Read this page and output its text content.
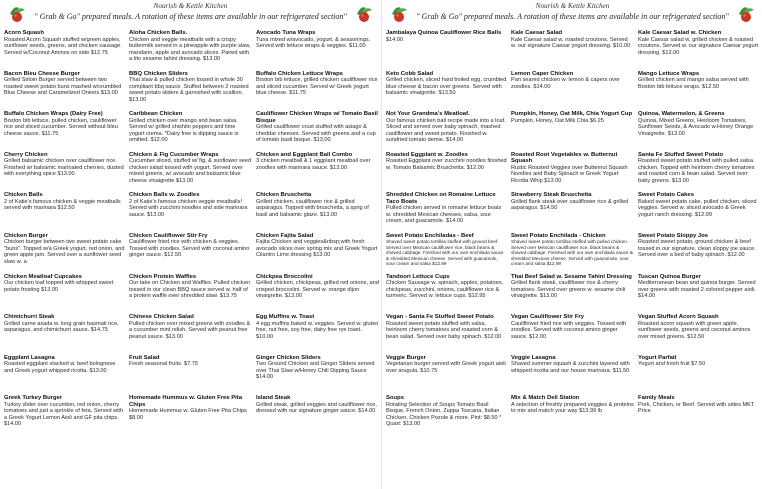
Nourish & Kettle Kitchen
" Grab & Go" prepared meals. A rotation of these items are available in our refrigerated section"
Acorn Squash
Roasted Acorn Squash stuffed w/green apples, sunflower seeds, greens, and chicken sausage. Served w/Coconut Aminos on side $12.75
Aloha Chicken Balls.
Chicken and veggie meatballs with a crispy buttermilk served in a pineapple with purple slaw, mandarin, apple and avocado slices. Paired with a tito sesame tahini dressing. $13.00
Avocado Tuna Wraps
Tuna mixed w/avocado, yogurt, & seasonings. Served with lettuce wraps & veggies. $11.00
Bacon Bleu Cheese Burger
Grilled Sirloin Burger served between two roasted sweet potato buns mashed w/crumbled Blue Cheese and Caramelized Onions $13.00
BBQ Chicken Sliders
Thai slaw & pulled chicken tossed in whole 30 compliant bbq sauce. Stuffed between 2 roasted sweet potato sliders & garnished with scallion. $13.00
Buffalo Chicken Lettuce Wraps
Boston bib lettuce, grilled chicken cauliflower rice and sliced cucumber. Served w/ Greek yogurt blue cheese. $11.75
Buffalo Chicken Wraps (Dairy Free)
Boston bib lettuce, pulled chicken, cauliflower rice and sliced cucumber. Served without bleu cheese sauce. $11.75
Caribbean Chicken
Grilled chicken over mango and bean salsa. Served w/ grilled shishito peppers and lime yogurt crema. *Dairy free is dipping sauce is omitted. $12.00
Cauliflower Chicken Wraps w/ Tomato Basil Bisque
Grilled cauliflower crust stuffed with asiago & cheddar cheeses. Served with greens and a cup of tomato basil bisque. $13.00
Cherry Chicken
Grilled balsamic chicken over cauliflower rice. Finished w/ balsamic marinated cherries, dusted with everything spice $13.00
Chicken & Fig Cucumber Wraps
Cucumber sliced, stuffed w/ fig, & sunflower seed chicken salad tossed with yogurt. Served over mixed greens, w/ avocado and balsamic blue cheese vinaigrette $13.00
Chicken and Eggplant Ball Combo
3 chicken meatball & 1 eggplant meatball over zoodles with marinara sauce. $13.00
Chicken Balls
2 of Katie's famous chicken & veggie meatballs served with marinara $12.50
Chicken Balls w. Zoodles
2 of Katie's famous chicken veggie meatballs! Served with zucchini noodles and side marinara sauce. $13.00
Chicken Bruschetta
Grilled chicken, cauliflower rice & grilled asparagus. Topped with bruschetta, a sprig of basil and balsamic glaze. $13.00
Chicken Burger
Chicken burger between two sweet potato cake "buns". Topped w/a Greek yogurt, red onion, and green apple jam. Served over a sunflower seed slaw w. a
Chicken Cauliflower Stir Fry
Cauliflower fried rice with chicken & veggies. Tossed with zoodles. Served with coconut amino ginger sauce. $12.50
Chicken Fajita Salad
Fajita Chicken and veggies&nbsp;with fresh avocado slices over spring mix and Greek Yogurt Cilantro Lime dressing $13.00
Chicken Meatloaf Cupcakes
Our chicken loaf topped with whipped sweet potato frosting $13.00
Chicken Protein Waffles
Our take on Chicken and Waffles. Pulled chicken tossed in our clean BBQ sauce served w. half of a protein waffle over shredded slaw. $13.75
Chickpea Broccolini
Grilled chicken, chickpeas, grilled red onions, and crisped broccolini. Served w. orange dijon vinaigrette. $13.00
Chimichurri Steak
Grilled carne asada w. long grain basmati rice, asparagus, and chimichurri sauce. $14.75
Chinese Chicken Salad
Pulled chicken over mixed greens with zoodles & a cucumber mint relish. Served with peanut free peanut sauce. $13.00
Egg Muffins w. Toast
4 egg muffins baked w. veggies. Served w. gluten free, nut free, soy free, dairy free rye toast. $10.00
Eggplant Lasagna
Roasted eggplant stacked w. beef bolognese and Greek yogurt whipped ricotta. $13.00
Fruit Salad
Fresh seasonal fruits. $7.75
Ginger Chicken Sliders
Two Ground Chicken and Ginger Sliders served over Thai Slaw w/Honey Chili Dipping Sauce $14.00
Greek Turkey Burger
Turkey slider over cucumber, red onion, cherry tomatoes and just a sprinkle of feta. Served with a Greek Yogurt Lemon Aioli and GF pita chips. $14.00
Homemade Hummus w. Gluten Free Pita Chips
Homemade Hummus w. Gluten Free Pita Chips $8.00
Island Steak
Grilled steak, grilled veggies and cauliflower rice, dressed with our signature ginger sauce. $14.00
Nourish & Kettle Kitchen
" Grab & Go" prepared meals. A rotation of these items are available in our refrigerated section"
Jambalaya Quinoa Cauliflower Rice Balls
$14.00
Kale Caesar Salad
Kale Caesar salad w. roasted croutons. Served w. our signature Caesar yogurt dressing. $10.00
Kale Caesar Salad w. Chicken
Kale Caesar salad w. grilled chicken & roasted croutons. Served w. our signature Caesar yogurt dressing. $12.00
Keto Cobb Salad
Grilled chicken, sliced hard boiled egg, crumbled blue cheese & bacon over greens. Served with balsamic vinaigrette. $13.50
Lemon Caper Chicken
Pan seared chicken w. lemon & capers over zoodles. $14.00
Mango Lettuce Wraps
Grilled chicken and mango salsa served with Boston bib lettuce wraps. $12.50
Not Your Grandma's Meatloaf.
Our famous chicken ball recipe made into a loaf. Sliced and served over baby spinach, mashed cauliflower and sweet potato. Finished w. sundried tomato demie. $14.00
Pumpkin, Honey, Oat Milk, Chia Yogurt Cup
Pumpkin, Honey, Oat Milk Chia $6.25
Quinoa, Watermelon, & Greens
Quinoa, Mixed Greens, Heirloom Tomatoes, Sunflower Seeds, & Avocado w.Honey Orange Vinaigrette. $13.00
Roasted Eggplant w. Zoodles
Roasted Eggplant over zucchini noodles finished w. Tomato Balsamic Bruschetta. $12.00
Roasted Root Vegetables w. Butternut Squash
Rustic Roasted Veggies over Butternut Squash Noodles and Baby Spinach w Greek Yogurt Ricotta Whip $13.00
Santa Fe Stuffed Sweet Potato
Roasted sweet potato stuffed with pulled salsa chicken. Topped with heirloom cherry tomatoes and roasted corn & bean salad. Served over baby greens. $13.00
Shredded Chicken on Romaine Lettuce Taco Boats
Pulled chicken served in romaine lettuce boats w. shredded Mexican cheeses, salsa, sour cream, and guacamole. $14.00
Strawberry Steak Bruschetta
Grilled flank steak over cauliflower rice & grilled asparagus. $14.50
Sweet Potato Cakes
Baked sweet potato cake, pulled chicken, sliced veggies. Served w. sliced avocado & Greek yogurt ranch dressing. $12.99
Sweet Potato Enchiladas - Beef
Shaved sweet potato tortillas stuffed with ground beef. Served over Mexican cauliflower rice, black beans & shaved cabbage. Finished with our own enchilada sauce & shredded Mexican cheese. Served with guacamole, sour cream and salsa $12.99
Sweet Potato Enchilada - Chicken
Shaved sweet potato tortillas stuffed with pulled chicken. Served over Mexican cauliflower rice, black beans & shaved cabbage. Finished with our own enchilada sauce & shredded Mexican cheese. Served with guacamole, sour cream and salsa $12.99
Sweet Potato Sloppy Joe
Roasted sweet potato, ground chicken & beef tossed in our signature, clean sloppy joe sauce. Served over a bed of baby spinach. $12.00
Tandoori Lettuce Cups
Chicken Sausage w. spinach, apples, potatoes, chickpeas, zucchini, onions, cauliflower rice & turmeric. Served w. lettuce cups. $12.95
Thai Beef Salad w. Sesame Tahini Dressing
Grilled flank steak, cauliflower rice & cherry tomatoes. Served over greens w. sesame chili vinaigrette. $13.00
Tuscan Quinoa Burger
Mediterranean bean and quinoa burger. Served over greens with roasted 2 colored pepper aioli. $14.00
Vegan - Santa Fe Stuffed Sweet Potato
Roasted sweet potato stuffed with salsa, heirloom cherry tomatoes and roasted corn & bean salad. Served over baby spinach. $12.00
Vegan Cauliflower Stir Fry
Cauliflower fried rice with veggies. Tossed with zoodles. Served with coconut amino ginger sauce. $12.00
Vegan Stuffed Acorn Squash
Roasted acorn squash with green apple, sunflower seeds, greens and coconut aminos over mixed greens. $12.50
Veggie Burger
Vegetarian burger served with Greek yogurt aioli over arugula. $10.75
Veggie Lasagna
Shaved summer squash & zucchini layered with whipped ricotta and our house marinara. $11.50
Yogurt Parfait
Yogurt and fresh fruit $7.50
Soups
Rotating Selection of Soups Tomato Basil Bisque, French Onion, Zuppa Toscana, Italian Chicken, Chicken Pozole & more. Pint: $8.50 * Quart: $13.00
Mix & Match Deli Station
A selection of freshly prepared veggies & proteins to mix and match your way $13.99 lb
Family Meals
Pork, Chicken, or Beef. Served with sides MKT Price
